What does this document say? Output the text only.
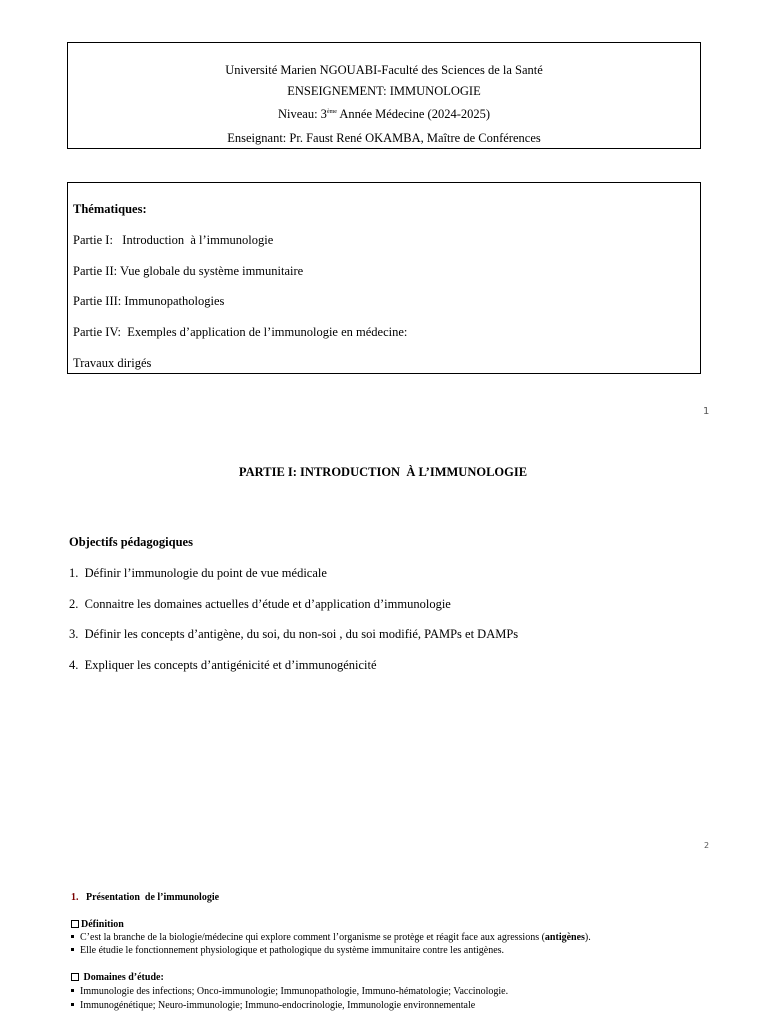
Université Marien NGOUABI-Faculté des Sciences de la Santé
ENSEIGNEMENT: IMMUNOLOGIE
Niveau: 3ème Année Médecine (2024-2025)
Enseignant: Pr. Faust René OKAMBA, Maître de Conférences
Thématiques:
Partie I:   Introduction  à l’immunologie
Partie II: Vue globale du système immunitaire
Partie III: Immunopathologies
Partie IV:  Exemples d’application de l’immunologie en médecine:
Travaux dirigés
1
PARTIE I: INTRODUCTION  À L’IMMUNOLOGIE
Objectifs pédagogiques
1.  Définir l’immunologie du point de vue médicale
2.  Connaitre les domaines actuelles d’étude et d’application d’immunologie
3.  Définir les concepts d’antigène, du soi, du non-soi , du soi modifié, PAMPs et DAMPs
4.  Expliquer les concepts d’antigénicité et d’immunogénicité
2
1. Présentation  de l’immunologie
Définition
C’est la branche de la biologie/médecine qui explore comment l’organisme se protège et réagit face aux agressions (antigènes).
Elle étudie le fonctionnement physiologique et pathologique du système immunitaire contre les antigènes.
Domaines d’étude:
Immunologie des infections; Onco-immunologie; Immunopathologie, Immuno-hématologie; Vaccinologie.
Immunogénétique; Neuro-immunologie; Immuno-endocrinologie, Immunologie environnementale
